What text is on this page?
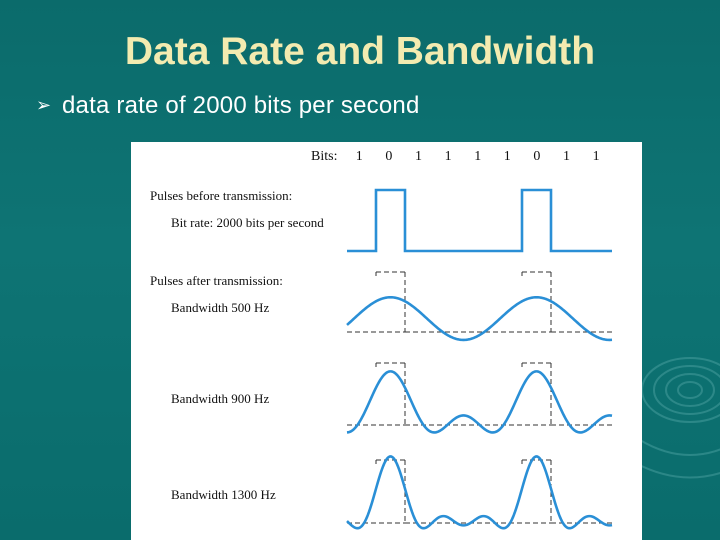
Data Rate and Bandwidth
➢ data rate of 2000 bits per second
Bits: 1 0 1 1 1 1 0 1 1
Pulses before transmission:
Bit rate: 2000 bits per second
Pulses after transmission:
Bandwidth 500 Hz
Bandwidth 900 Hz
Bandwidth 1300 Hz
